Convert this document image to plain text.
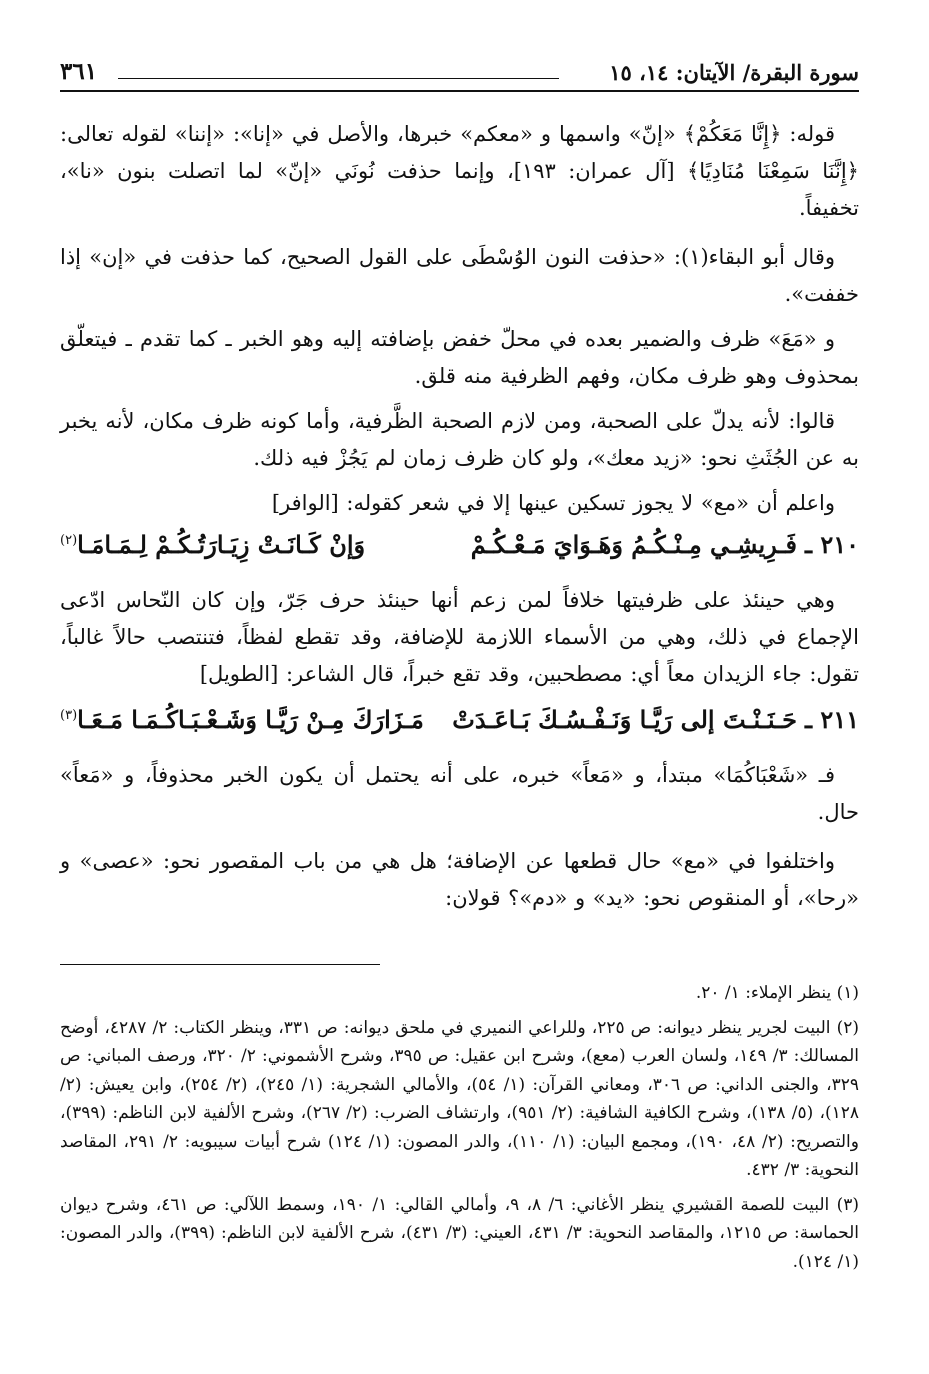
سورة البقرة/ الآيتان: ١٤، ١٥
٣٦١

قوله: ﴿إِنَّا مَعَكُمْ﴾ «إنّ» واسمها و «معكم» خبرها، والأصل في «إنا»: «إننا» لقوله تعالى: ﴿إِنَّنَا سَمِعْنَا مُنَادِيًا﴾ [آل عمران: ١٩٣]، وإنما حذفت نُونَي «إنّ» لما اتصلت بنون «نا»، تخفيفاً.

وقال أبو البقاء(١): «حذفت النون الوُسْطَى على القول الصحيح، كما حذفت في «إن» إذا خففت».

و «مَعَ» ظرف والضمير بعده في محلّ خفض بإضافته إليه وهو الخبر ـ كما تقدم ـ فيتعلّق بمحذوف وهو ظرف مكان، وفهم الظرفية منه قلق.

قالوا: لأنه يدلّ على الصحبة، ومن لازم الصحبة الظَّرفية، وأما كونه ظرف مكان، لأنه يخبر به عن الجُثَثِ نحو: «زيد معك»، ولو كان ظرف زمان لم يَجُزْ فيه ذلك.

واعلم أن «مع» لا يجوز تسكين عينها إلا في شعر كقوله: [الوافر]

٢١٠ ـ
فَـرِيشِـي مِـنْـكُـمُ وَهَـوَايَ مَـعْـكُـمْ
وَإنْ كَـانَـتْ زِيَـارَتُـكُـمْ لِـمَـامَـا$^{(٢)}$

وهي حينئذ على ظرفيتها خلافاً لمن زعم أنها حينئذ حرف جَرّ، وإن كان النّحاس ادّعى الإجماع في ذلك، وهي من الأسماء اللازمة للإضافة، وقد تقطع لفظاً، فتنتصب حالاً غالباً، تقول: جاء الزيدان معاً أي: مصطحبين، وقد تقع خبراً، قال الشاعر: [الطويل]

٢١١ ـ
حَـنَـنْـتَ إلى رَيَّـا وَنَـفْـسُـكَ بَـاعَـدَتْ
مَـزَارَكَ مِـنْ رَيَّـا وَشَـعْـبَـاكُـمَـا مَـعَـا$^{(٣)}$

فـ «شَعْبَاكُمَا» مبتدأ، و «مَعاً» خبره، على أنه يحتمل أن يكون الخبر محذوفاً، و «مَعاً» حال.

واختلفوا في «مع» حال قطعها عن الإضافة؛ هل هي من باب المقصور نحو: «عصى» و «رحا»، أو المنقوص نحو: «يد» و «دم»؟ قولان:

(١) ينظر الإملاء: ١/ ٢٠.

(٢) البيت لجرير ينظر ديوانه: ص ٢٢٥، وللراعي النميري في ملحق ديوانه: ص ٣٣١، وينظر الكتاب: ٢/ ٤٢٨٧، أوضح المسالك: ٣/ ١٤٩، ولسان العرب (معع)، وشرح ابن عقيل: ص ٣٩٥، وشرح الأشموني: ٢/ ٣٢٠، ورصف المباني: ص ٣٢٩، والجنى الداني: ص ٣٠٦، ومعاني القرآن: (١/ ٥٤)، والأمالي الشجرية: (١/ ٢٤٥)، (٢/ ٢٥٤)، وابن يعيش: (٢/ ١٢٨)، (٥/ ١٣٨)، وشرح الكافية الشافية: (٢/ ٩٥١)، وارتشاف الضرب: (٢/ ٢٦٧)، وشرح الألفية لابن الناظم: (٣٩٩)، والتصريح: (٢/ ٤٨، ١٩٠)، ومجمع البيان: (١/ ١١٠)، والدر المصون: (١/ ١٢٤) شرح أبيات سيبويه: ٢/ ٢٩١، المقاصد النحوية: ٣/ ٤٣٢.

(٣) البيت للصمة القشيري ينظر الأغاني: ٦/ ٨، ٩، وأمالي القالي: ١/ ١٩٠، وسمط اللآلي: ص ٤٦١، وشرح ديوان الحماسة: ص ١٢١٥، والمقاصد النحوية: ٣/ ٤٣١، العيني: (٣/ ٤٣١)، شرح الألفية لابن الناظم: (٣٩٩)، والدر المصون: (١/ ١٢٤).
